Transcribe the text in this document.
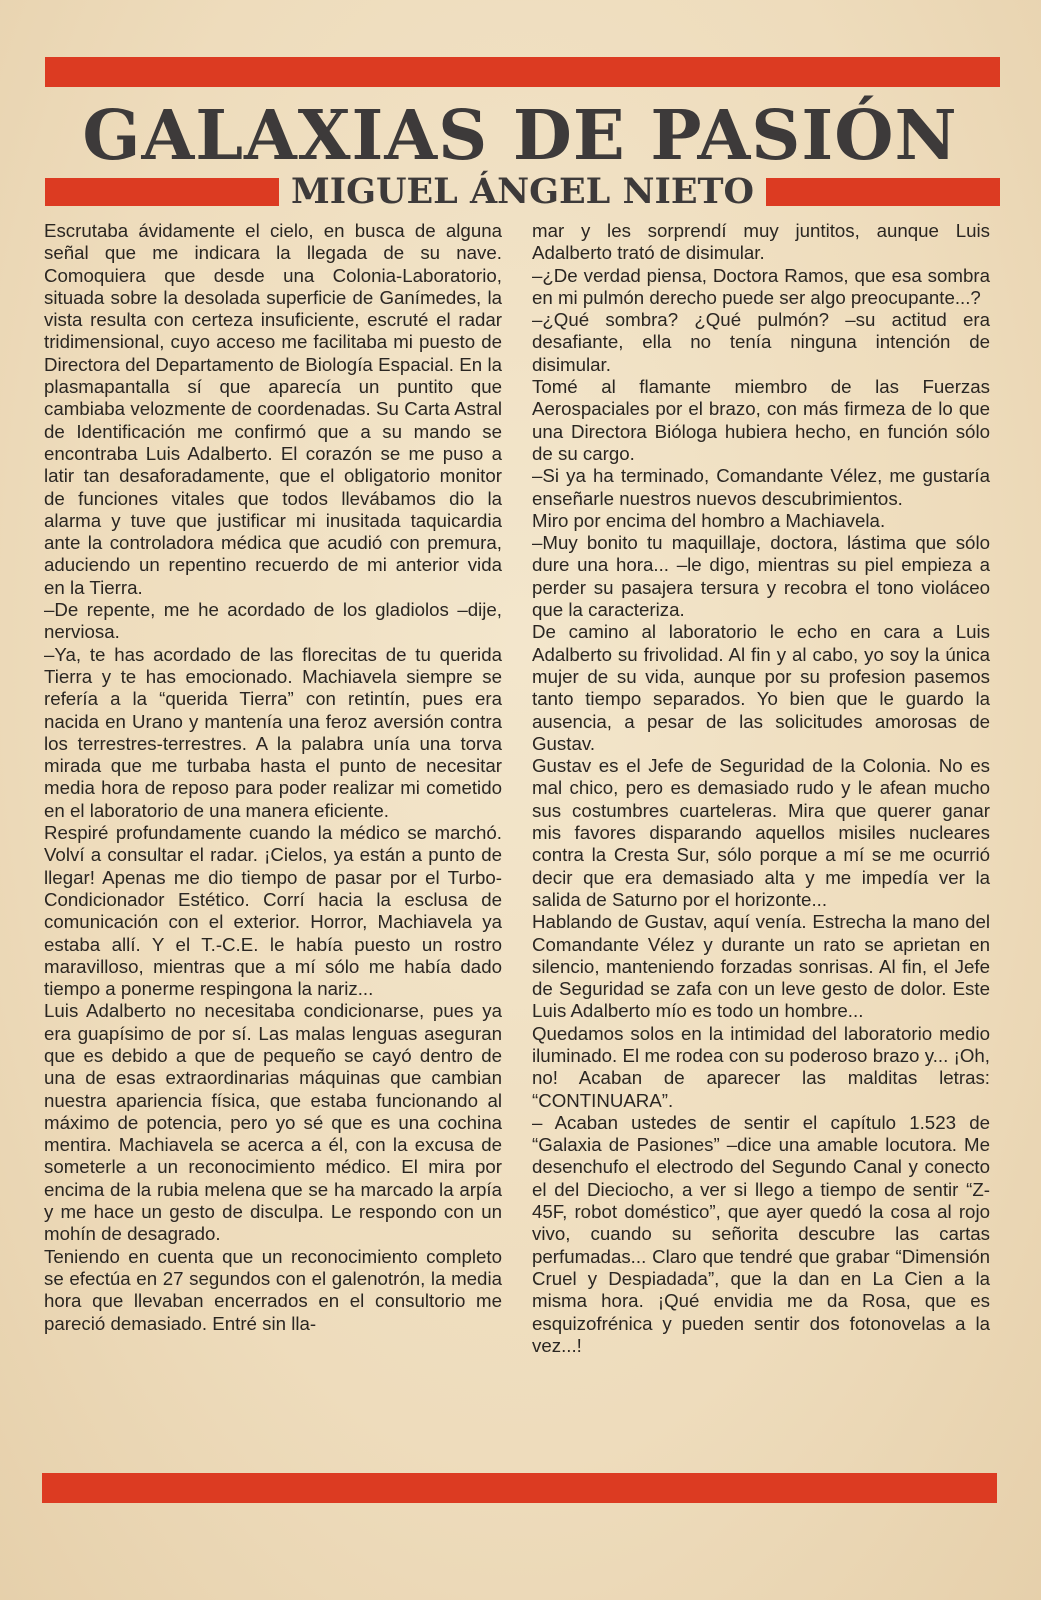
GALAXIAS DE PASIÓN
MIGUEL ÁNGEL NIETO

Escrutaba ávidamente el cielo, en busca de alguna señal que me indicara la llegada de su nave. Comoquiera que desde una Colonia-Laboratorio, situada sobre la desolada superficie de Ganímedes, la vista resulta con certeza insuficiente, escruté el radar tridimensional, cuyo acceso me facilitaba mi puesto de Directora del Departamento de Biología Espacial. En la plasmapantalla sí que aparecía un puntito que cambiaba velozmente de coordenadas. Su Carta Astral de Identificación me confirmó que a su mando se encontraba Luis Adalberto. El corazón se me puso a latir tan desaforadamente, que el obligatorio monitor de funciones vitales que todos llevábamos dio la alarma y tuve que justificar mi inusitada taquicardia ante la controladora médica que acudió con premura, aduciendo un repentino recuerdo de mi anterior vida en la Tierra.

–De repente, me he acordado de los gladiolos –dije, nerviosa.

–Ya, te has acordado de las florecitas de tu querida Tierra y te has emocionado. Machiavela siempre se refería a la “querida Tierra” con retintín, pues era nacida en Urano y mantenía una feroz aversión contra los terrestres-terrestres. A la palabra unía una torva mirada que me turbaba hasta el punto de necesitar media hora de reposo para poder realizar mi cometido en el laboratorio de una manera eficiente.

Respiré profundamente cuando la médico se marchó. Volví a consultar el radar. ¡Cielos, ya están a punto de llegar! Apenas me dio tiempo de pasar por el Turbo-Condicionador Estético. Corrí hacia la esclusa de comunicación con el exterior. Horror, Machiavela ya estaba allí. Y el T.-C.E. le había puesto un rostro maravilloso, mientras que a mí sólo me había dado tiempo a ponerme respingona la nariz...

Luis Adalberto no necesitaba condicionarse, pues ya era guapísimo de por sí. Las malas lenguas aseguran que es debido a que de pequeño se cayó dentro de una de esas extraordinarias máquinas que cambian nuestra apariencia física, que estaba funcionando al máximo de potencia, pero yo sé que es una cochina mentira. Machiavela se acerca a él, con la excusa de someterle a un reconocimiento médico. El mira por encima de la rubia melena que se ha marcado la arpía y me hace un gesto de disculpa. Le respondo con un mohín de desagrado.

Teniendo en cuenta que un reconocimiento completo se efectúa en 27 segundos con el galenotrón, la media hora que llevaban encerrados en el consultorio me pareció demasiado. Entré sin lla-

mar y les sorprendí muy juntitos, aunque Luis Adalberto trató de disimular.

–¿De verdad piensa, Doctora Ramos, que esa sombra en mi pulmón derecho puede ser algo preocupante...?

–¿Qué sombra? ¿Qué pulmón? –su actitud era desafiante, ella no tenía ninguna intención de disimular.

Tomé al flamante miembro de las Fuerzas Aerospaciales por el brazo, con más firmeza de lo que una Directora Bióloga hubiera hecho, en función sólo de su cargo.

–Si ya ha terminado, Comandante Vélez, me gustaría enseñarle nuestros nuevos descubrimientos.

Miro por encima del hombro a Machiavela.

–Muy bonito tu maquillaje, doctora, lástima que sólo dure una hora... –le digo, mientras su piel empieza a perder su pasajera tersura y recobra el tono violáceo que la caracteriza.

De camino al laboratorio le echo en cara a Luis Adalberto su frivolidad. Al fin y al cabo, yo soy la única mujer de su vida, aunque por su profesion pasemos tanto tiempo separados. Yo bien que le guardo la ausencia, a pesar de las solicitudes amorosas de Gustav.

Gustav es el Jefe de Seguridad de la Colonia. No es mal chico, pero es demasiado rudo y le afean mucho sus costumbres cuarteleras. Mira que querer ganar mis favores disparando aquellos misiles nucleares contra la Cresta Sur, sólo porque a mí se me ocurrió decir que era demasiado alta y me impedía ver la salida de Saturno por el horizonte...

Hablando de Gustav, aquí venía. Estrecha la mano del Comandante Vélez y durante un rato se aprietan en silencio, manteniendo forzadas sonrisas. Al fin, el Jefe de Seguridad se zafa con un leve gesto de dolor. Este Luis Adalberto mío es todo un hombre...

Quedamos solos en la intimidad del laboratorio medio iluminado. El me rodea con su poderoso brazo y... ¡Oh, no! Acaban de aparecer las malditas letras: “CONTINUARA”.

– Acaban ustedes de sentir el capítulo 1.523 de “Galaxia de Pasiones” –dice una amable locutora. Me desenchufo el electrodo del Segundo Canal y conecto el del Dieciocho, a ver si llego a tiempo de sentir “Z-45F, robot doméstico”, que ayer quedó la cosa al rojo vivo, cuando su señorita descubre las cartas perfumadas... Claro que tendré que grabar “Dimensión Cruel y Despiadada”, que la dan en La Cien a la misma hora. ¡Qué envidia me da Rosa, que es esquizofrénica y pueden sentir dos fotonovelas a la vez...!
